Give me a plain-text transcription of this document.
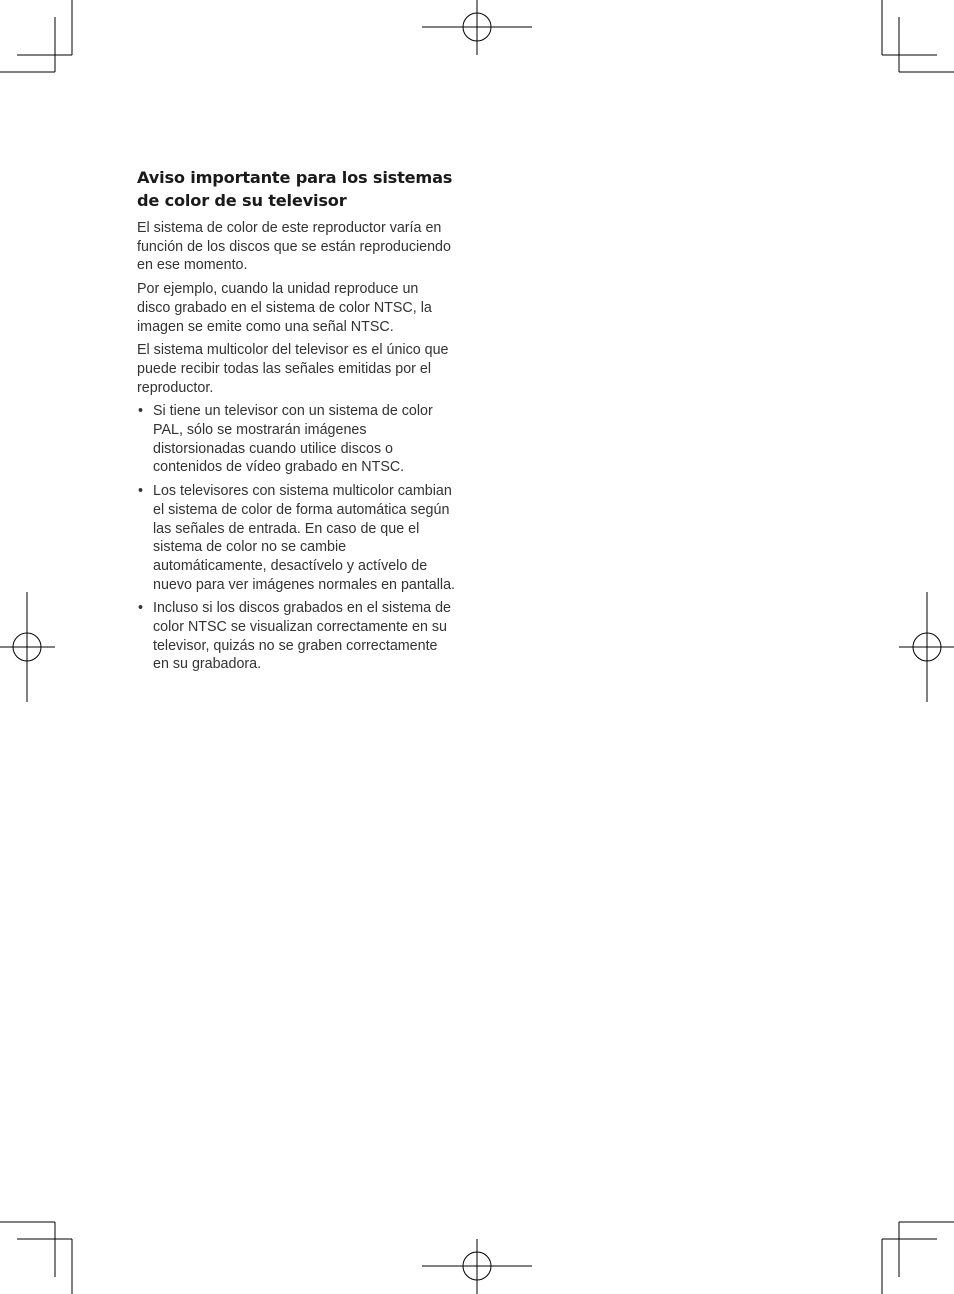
Aviso importante para los sistemas de color de su televisor

El sistema de color de este reproductor varía en función de los discos que se están reproduciendo en ese momento.

Por ejemplo, cuando la unidad reproduce un disco grabado en el sistema de color NTSC, la imagen se emite como una señal NTSC.

El sistema multicolor del televisor es el único que puede recibir todas las señales emitidas por el reproductor.

• Si tiene un televisor con un sistema de color PAL, sólo se mostrarán imágenes distorsionadas cuando utilice discos o contenidos de vídeo grabado en NTSC.
• Los televisores con sistema multicolor cambian el sistema de color de forma automática según las señales de entrada. En caso de que el sistema de color no se cambie automáticamente, desactívelo y actívelo de nuevo para ver imágenes normales en pantalla.
• Incluso si los discos grabados en el sistema de color NTSC se visualizan correctamente en su televisor, quizás no se graben correctamente en su grabadora.
